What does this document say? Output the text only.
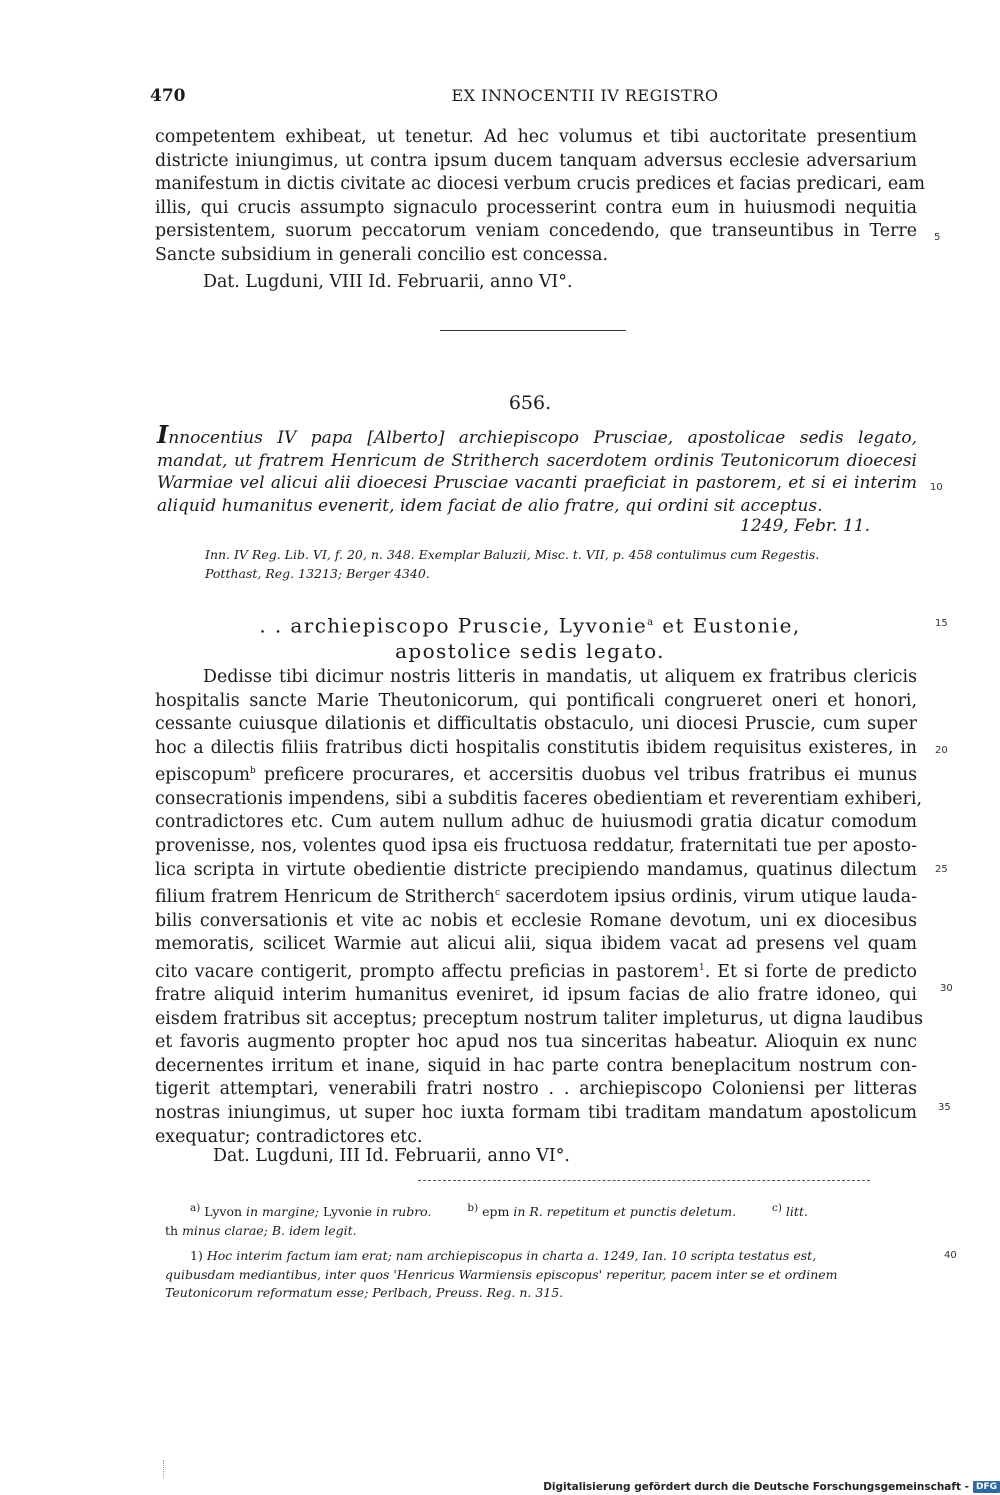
470	EX INNOCENTII IV REGISTRO
competentem exhibeat, ut tenetur. Ad hec volumus et tibi auctoritate presentium
districte iniungimus, ut contra ipsum ducem tanquam adversus ecclesie adversarium
manifestum in dictis civitate ac diocesi verbum crucis predices et facias predicari, eam
illis, qui crucis assumpto signaculo processerint contra eum in huiusmodi nequitia
persistentem, suorum peccatorum veniam concedendo, que transeuntibus in Terre
Sancte subsidium in generali concilio est concessa.
Dat. Lugduni, VIII Id. Februarii, anno VI°.
656.
Innocentius IV papa [Alberto] archiepiscopo Prusciae, apostolicae sedis legato,
mandat, ut fratrem Henricum de Stritherch sacerdotem ordinis Teutonicorum dioecesi
Warmiae vel alicui alii dioecesi Prusciae vacanti praeficiat in pastorem, et si ei interim
aliquid humanitus evenerit, idem faciat de alio fratre, qui ordini sit acceptus.
1249, Febr. 11.
Inn. IV Reg. Lib. VI, f. 20, n. 348. Exemplar Baluzii, Misc. t. VII, p. 458 contulimus cum Regestis.
Potthast, Reg. 13213; Berger 4340.
. . archiepiscopo Pruscie, Lyvonie$^a$ et Eustonie,
apostolice sedis legato.
Dedisse tibi dicimur nostris litteris in mandatis, ut aliquem ex fratribus clericis
hospitalis sancte Marie Theutonicorum, qui pontificali congrueret oneri et honori,
cessante cuiusque dilationis et difficultatis obstaculo, uni diocesi Pruscie, cum super
hoc a dilectis filiis fratribus dicti hospitalis constitutis ibidem requisitus existeres, in
episcopum$^b$ preficere procurares, et accersitis duobus vel tribus fratribus ei munus
consecrationis impendens, sibi a subditis faceres obedientiam et reverentiam exhiberi,
contradictores etc. Cum autem nullum adhuc de huiusmodi gratia dicatur comodum
provenisse, nos, volentes quod ipsa eis fructuosa reddatur, fraternitati tue per aposto-
lica scripta in virtute obedientie districte precipiendo mandamus, quatinus dilectum
filium fratrem Henricum de Stritherch$^c$ sacerdotem ipsius ordinis, virum utique lauda-
bilis conversationis et vite ac nobis et ecclesie Romane devotum, uni ex diocesibus
memoratis, scilicet Warmie aut alicui alii, siqua ibidem vacat ad presens vel quam
cito vacare contigerit, prompto affectu preficias in pastorem$^1$. Et si forte de predicto
fratre aliquid interim humanitus eveniret, id ipsum facias de alio fratre idoneo, qui
eisdem fratribus sit acceptus; preceptum nostrum taliter impleturus, ut digna laudibus
et favoris augmento propter hoc apud nos tua sinceritas habeatur. Alioquin ex nunc
decernentes irritum et inane, siquid in hac parte contra beneplacitum nostrum con-
tigerit attemptari, venerabili fratri nostro . . archiepiscopo Coloniensi per litteras
nostras iniungimus, ut super hoc iuxta formam tibi traditam mandatum apostolicum
exequatur; contradictores etc.
Dat. Lugduni, III Id. Februarii, anno VI°.
$^{a)}$ Lyvon in margine; Lyvonie in rubro.	$^{b)}$ epm in R. repetitum et punctis deletum.	$^{c)}$ litt.
th minus clarae; B. idem legit.
1) Hoc interim factum iam erat; nam archiepiscopus in charta a. 1249, Ian. 10 scripta testatus est,
quibusdam mediantibus, inter quos 'Henricus Warmiensis episcopus' reperitur, pacem inter se et ordinem
Teutonicorum reformatum esse; Perlbach, Preuss. Reg. n. 315.
5
10
15
20
25
30
35
40
Digitalisierung gefördert durch die Deutsche Forschungsgemeinschaft - DFG
